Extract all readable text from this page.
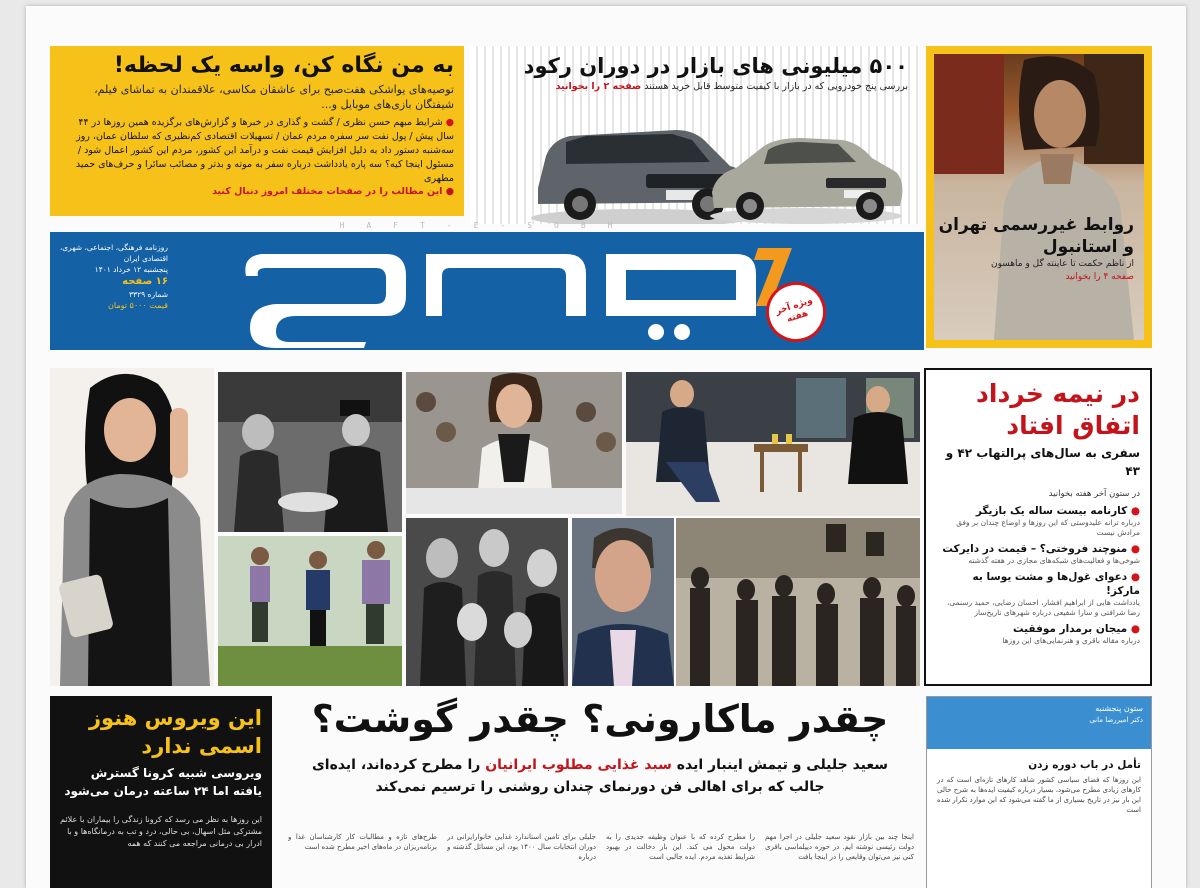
به من نگاه کن، واسه یک لحظه!

توصیه‌های یواشکی هفت‌صبح برای عاشقان مکاسی، علاقمندان به تماشای فیلم، شیفتگان بازی‌های موبایل و...

● شرایط مبهم حسن نظری / گشت و گذاری در خبرها و گزارش‌های برگزیده همین روزها در ۴۴ سال پیش / پول نفت سر سفره مردم عمان / تسهیلات اقتصادی کم‌نظیری که سلطان عمان، روز سه‌شنبه دستور داد به دلیل افزایش قیمت نفت و درآمد این کشور، مردم این کشور اعمال شود / مسئول اینجا کیه؟ سه پاره یادداشت درباره سفر به موته و بدتر و مصائب سائرا و حرف‌های حمید مطهری

● این مطالب را در صفحات مختلف امروز دنبال کنید

۵۰۰ میلیونی های بازار در دوران رکود

بررسی پنج خودرویی که در بازار با کیفیت متوسط قابل خرید هستند صفحه ۲ را بخوانید

روابط غیررسمی تهران و استانبول

از ناظم حکمت تا عاینته گل و ماهسون

صفحه ۴ را بخوانید

HAFT-E-SOBH
روزنامه فرهنگی، اجتماعی، شهری، اقتصادی ایران
پنجشنبه ۱۲ خرداد ۱۴۰۱
۱۶ صفحه
شماره ۳۳۲۹
قیمت ۵۰۰۰ تومان
هفت صبح	ویژه آخر هفته
در نیمه خرداد
اتفاق افتاد

سفری به سال‌های پرالتهاب ۴۲ و ۴۳

در ستون آخر هفته بخوانید

● کارنامه بیست ساله یک بازیگر
درباره ترانه علیدوستی که این روزها و اوضاع چندان بر وفق مرادش نیست
● منوچند فروختی؟ – قیمت در دایرکت
شوخی‌ها و فعالیت‌های شبکه‌های مجازی در هفته گذشته
● دعوای غول‌ها و مشت یوسا به مارکز!
یادداشت هایی از ابراهیم افشار، احسان رضایی، حمید رسنمی، رضا شرافتی و سارا شفیعی درباره شهرهای تاریخ‌ساز
● میجان برمدار موفقیت
درباره مقاله باقری و هنرنمایی‌های این روزها
این ویروس هنوز
اسمی ندارد

ویروسی شبیه کرونا گسترش یافته اما ۲۴ ساعته درمان می‌شود

این روزها به نظر می رسد که کرونا زندگی را بیماران با علائم مشترکی مثل اسهال، بی حالی، درد و تب به درمانگاه‌ها و با ادرار بی درمانی مراجعه می کنند که همه

چقدر ماکارونی؟ چقدر گوشت؟

سعید جلیلی و تیمش اینبار ایده سبد غذایی مطلوب ایرانیان را مطرح کرده‌اند، ایده‌ای

جالب که برای اهالی فن دورنمای چندان روشنی را ترسیم نمی‌کند

اینجا چند بین بازار نقود سعید جلیلی در اجرا مهم دولت رئیسی نوشته ایم. در حوزه دیپلماسی باقری کنی نیز می‌توان وقایعی را در اینجا یافت
را مطرح کرده که با عنوان وظیفه جدیدی را به دولت محول می کند. این بار دخالت در بهبود شرایط تغذیه مردم. ایده جالبی است
جلیلی برای تامین استاندارد غذایی خانوارایرانی در دوران انتخابات سال ۱۴۰۰ بود، این مسائل گذشته و درباره
طرح‌های تازه و مطالبات کار کارشناسان غذا و برنامه‌ریزان در ماه‌های اخیر مطرح شده است
ستون پنجشنبه
دکتر امیررضا مانی
تأمل در باب دوره زدن

این روزها که فضای سیاسی کشور شاهد کارهای تازه‌ای است که در کارهای زیادی مطرح می‌شود، بسیار درباره کیفیت ایده‌ها به شرح حالی این بار نیز در تاریخ بسیاری از ما گفته می‌شود که این موارد تکرار شده است
